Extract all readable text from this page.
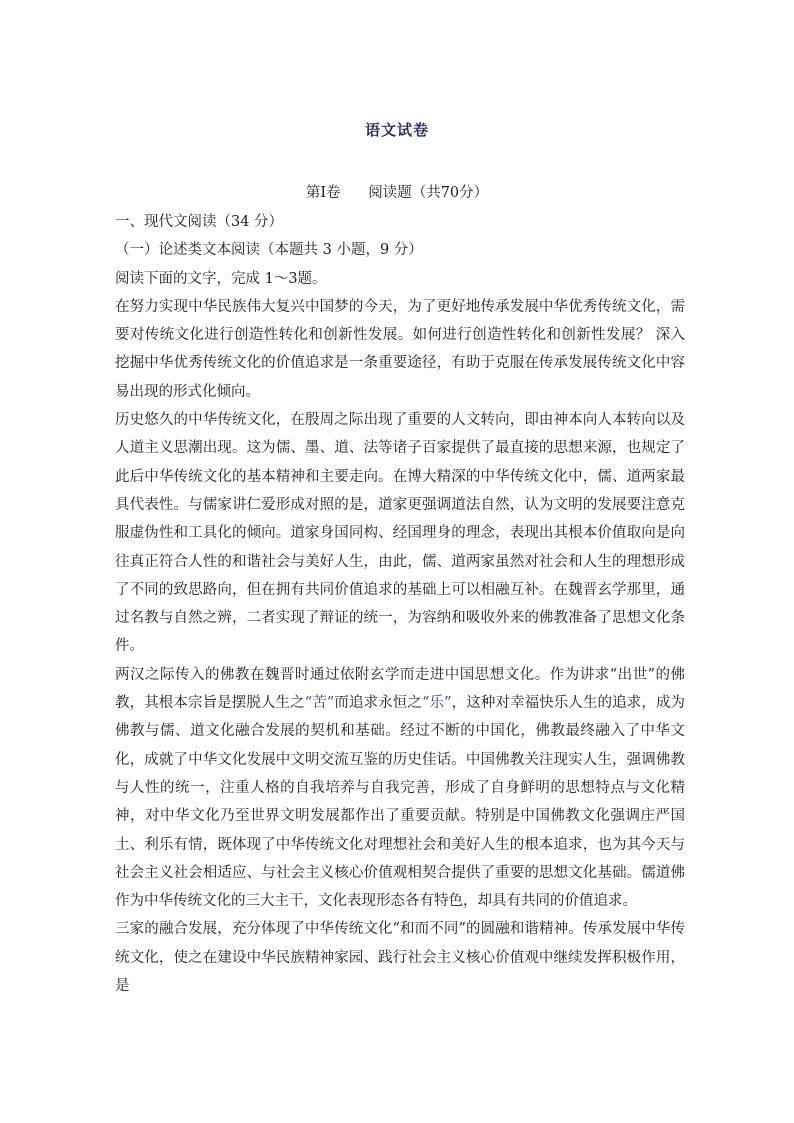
语文试卷
第Ⅰ卷      阅读题（共70分）

一、现代文阅读（34 分）

（一）论述类文本阅读（本题共 3 小题，9 分）

阅读下面的文字，完成 1～3题。

在努力实现中华民族伟大复兴中国梦的今天，为了更好地传承发展中华优秀传统文化，需要对传统文化进行创造性转化和创新性发展。如何进行创造性转化和创新性发展？ 深入挖掘中华优秀传统文化的价值追求是一条重要途径，有助于克服在传承发展传统文化中容易出现的形式化倾向。

历史悠久的中华传统文化，在殷周之际出现了重要的人文转向，即由神本向人本转向以及人道主义思潮出现。这为儒、墨、道、法等诸子百家提供了最直接的思想来源，也规定了此后中华传统文化的基本精神和主要走向。在博大精深的中华传统文化中，儒、道两家最具代表性。与儒家讲仁爱形成对照的是，道家更强调道法自然，认为文明的发展要注意克服虚伪性和工具化的倾向。道家身国同构、经国理身的理念，表现出其根本价值取向是向往真正符合人性的和谐社会与美好人生，由此，儒、道两家虽然对社会和人生的理想形成了不同的致思路向，但在拥有共同价值追求的基础上可以相融互补。在魏晋玄学那里，通过名教与自然之辨，二者实现了辩证的统一，为容纳和吸收外来的佛教准备了思想文化条件。

两汉之际传入的佛教在魏晋时通过依附玄学而走进中国思想文化。作为讲求“出世”的佛教，其根本宗旨是摆脱人生之“苦”而追求永恒之“乐”，这种对幸福快乐人生的追求，成为佛教与儒、道文化融合发展的契机和基础。经过不断的中国化，佛教最终融入了中华文化，成就了中华文化发展中文明交流互鉴的历史佳话。中国佛教关注现实人生，强调佛教与人性的统一，注重人格的自我培养与自我完善，形成了自身鲜明的思想特点与文化精神，对中华文化乃至世界文明发展都作出了重要贡献。特别是中国佛教文化强调庄严国土、利乐有情，既体现了中华传统文化对理想社会和美好人生的根本追求，也为其今天与社会主义社会相适应、与社会主义核心价值观相契合提供了重要的思想文化基础。儒道佛作为中华传统文化的三大主干，文化表现形态各有特色，却具有共同的价值追求。

三家的融合发展，充分体现了中华传统文化“和而不同”的圆融和谐精神。传承发展中华传统文化，使之在建设中华民族精神家园、践行社会主义核心价值观中继续发挥积极作用，是
